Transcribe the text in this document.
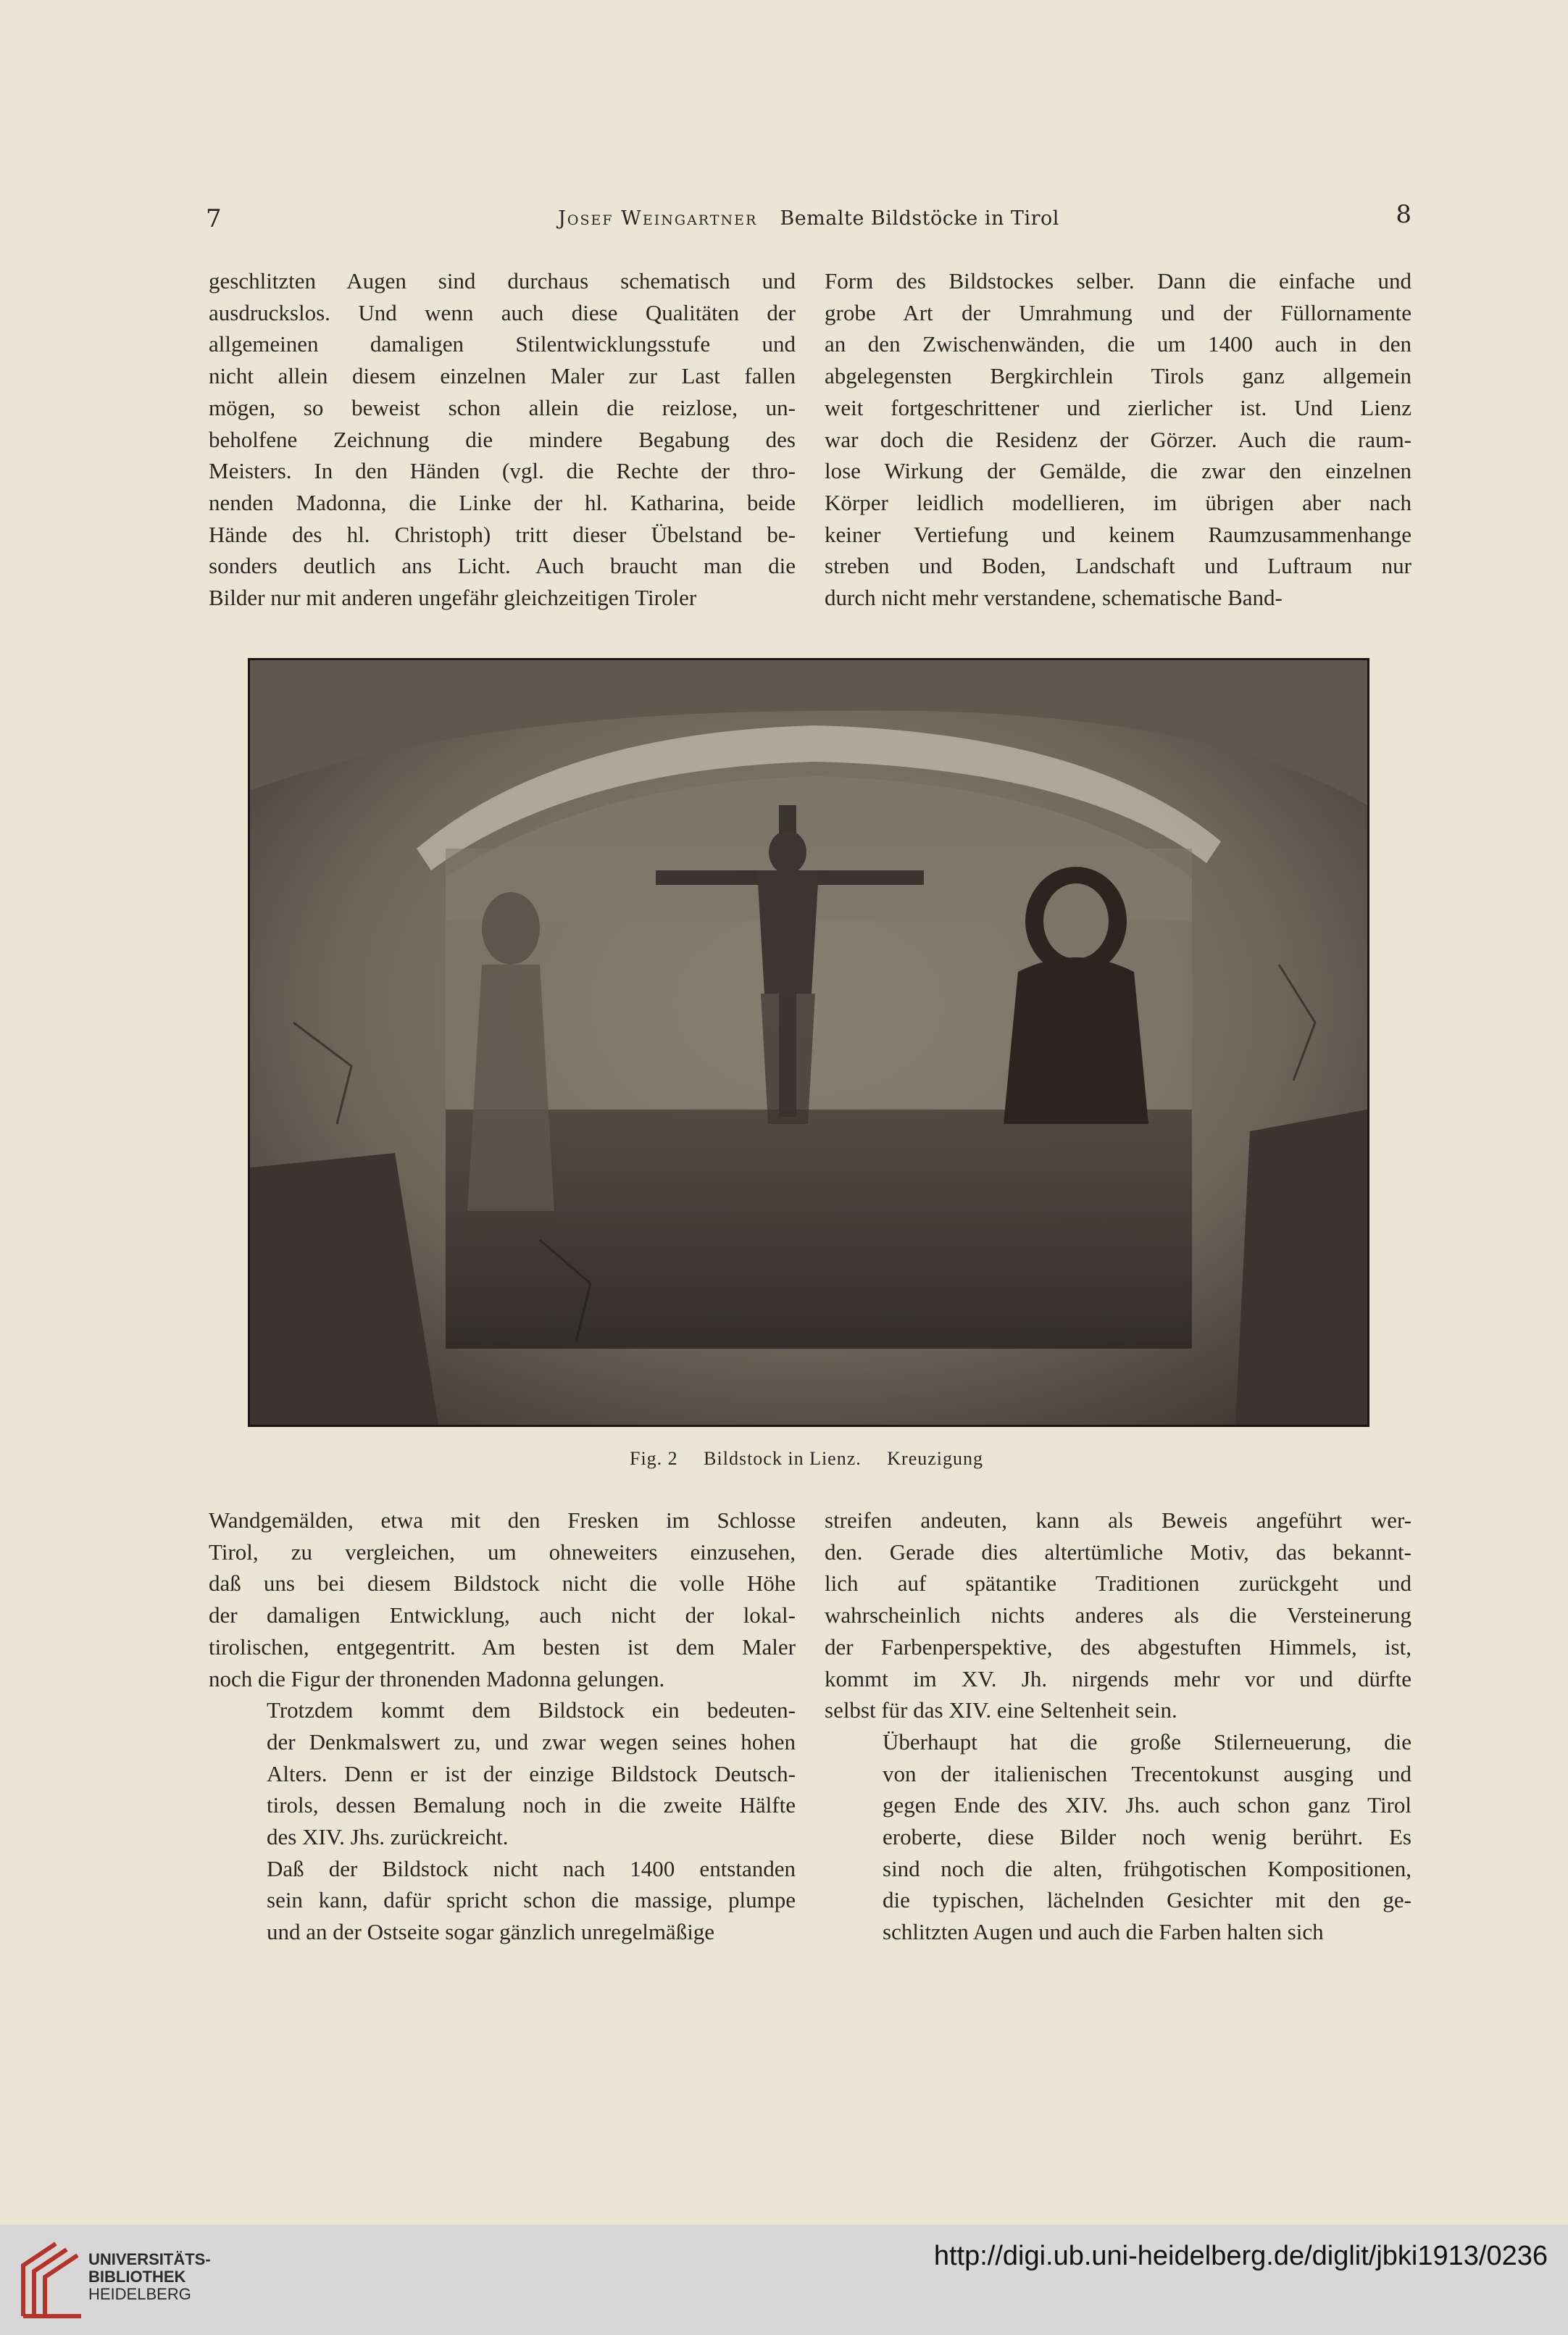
7	Josef Weingartner Bemalte Bildstöcke in Tirol	8

geschlitzten Augen sind durchaus schematisch und
ausdruckslos. Und wenn auch diese Qualitäten der
allgemeinen damaligen Stilentwicklungsstufe und
nicht allein diesem einzelnen Maler zur Last fallen
mögen, so beweist schon allein die reizlose, un-
beholfene Zeichnung die mindere Begabung des
Meisters. In den Händen (vgl. die Rechte der thro-
nenden Madonna, die Linke der hl. Katharina, beide
Hände des hl. Christoph) tritt dieser Übelstand be-
sonders deutlich ans Licht. Auch braucht man die
Bilder nur mit anderen ungefähr gleichzeitigen Tiroler

Form des Bildstockes selber. Dann die einfache und
grobe Art der Umrahmung und der Füllornamente
an den Zwischenwänden, die um 1400 auch in den
abgelegensten Bergkirchlein Tirols ganz allgemein
weit fortgeschrittener und zierlicher ist. Und Lienz
war doch die Residenz der Görzer. Auch die raum-
lose Wirkung der Gemälde, die zwar den einzelnen
Körper leidlich modellieren, im übrigen aber nach
keiner Vertiefung und keinem Raumzusammenhange
streben und Boden, Landschaft und Luftraum nur
durch nicht mehr verstandene, schematische Band-

Fig. 2 Bildstock in Lienz. Kreuzigung

Wandgemälden, etwa mit den Fresken im Schlosse
Tirol, zu vergleichen, um ohneweiters einzusehen,
daß uns bei diesem Bildstock nicht die volle Höhe
der damaligen Entwicklung, auch nicht der lokal-
tirolischen, entgegentritt. Am besten ist dem Maler
noch die Figur der thronenden Madonna gelungen.

Trotzdem kommt dem Bildstock ein bedeuten-
der Denkmalswert zu, und zwar wegen seines hohen
Alters. Denn er ist der einzige Bildstock Deutsch-
tirols, dessen Bemalung noch in die zweite Hälfte
des XIV. Jhs. zurückreicht.

Daß der Bildstock nicht nach 1400 entstanden
sein kann, dafür spricht schon die massige, plumpe
und an der Ostseite sogar gänzlich unregelmäßige

streifen andeuten, kann als Beweis angeführt wer-
den. Gerade dies altertümliche Motiv, das bekannt-
lich auf spätantike Traditionen zurückgeht und
wahrscheinlich nichts anderes als die Versteinerung
der Farbenperspektive, des abgestuften Himmels, ist,
kommt im XV. Jh. nirgends mehr vor und dürfte
selbst für das XIV. eine Seltenheit sein.

Überhaupt hat die große Stilerneuerung, die
von der italienischen Trecentokunst ausging und
gegen Ende des XIV. Jhs. auch schon ganz Tirol
eroberte, diese Bilder noch wenig berührt. Es
sind noch die alten, frühgotischen Kompositionen,
die typischen, lächelnden Gesichter mit den ge-
schlitzten Augen und auch die Farben halten sich

UNIVERSITÄTS-
BIBLIOTHEK
HEIDELBERG
http://digi.ub.uni-heidelberg.de/diglit/jbki1913/0236
